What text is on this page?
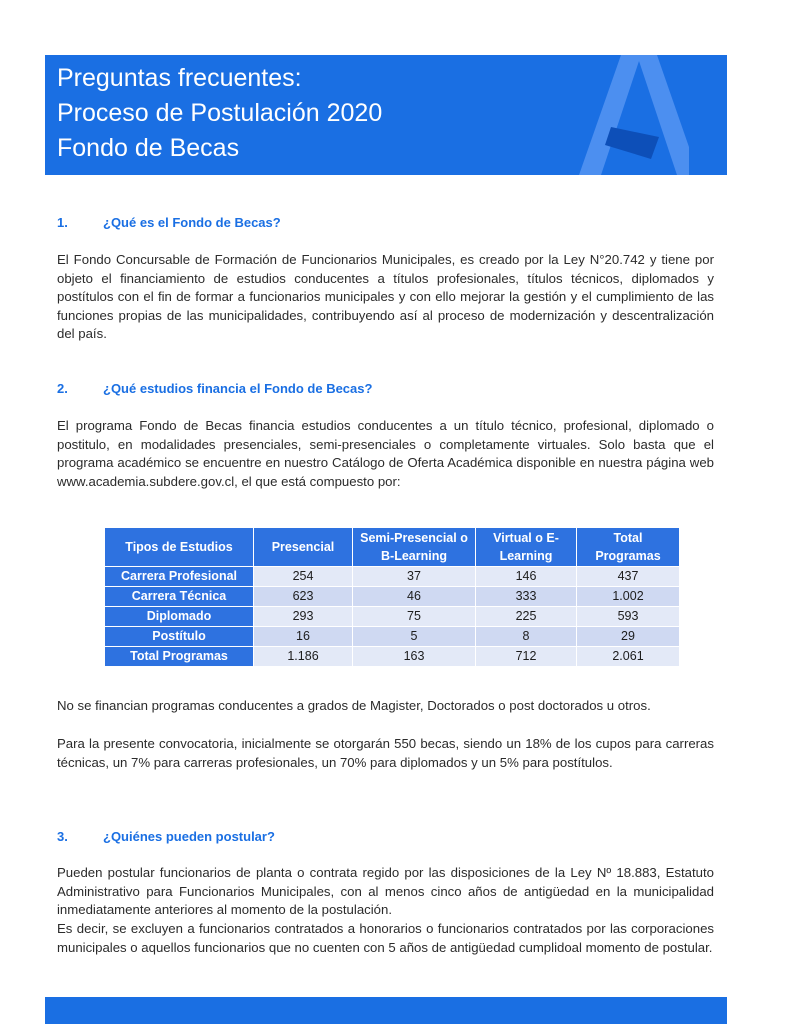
Preguntas frecuentes:
Proceso de Postulación 2020
Fondo de Becas
1.	¿Qué es el Fondo de Becas?

El Fondo Concursable de Formación de Funcionarios Municipales, es creado por la Ley N°20.742 y tiene por objeto el financiamiento de estudios conducentes a títulos profesionales, títulos técnicos, diplomados y postítulos con el fin de formar a funcionarios municipales y con ello mejorar la gestión y el cumplimiento de las funciones propias de las municipalidades, contribuyendo así al proceso de modernización y descentralización del país.

2.	¿Qué estudios financia el Fondo de Becas?

El programa Fondo de Becas financia estudios conducentes a un título técnico, profesional, diplomado o postitulo, en modalidades presenciales, semi-presenciales o completamente virtuales. Solo basta que el programa académico se encuentre en nuestro Catálogo de Oferta Académica disponible en nuestra página web www.academia.subdere.gov.cl, el que está compuesto por:

Tipos de Estudios	Presencial	Semi-Presencial o B-Learning	Virtual o E-Learning	Total Programas
Carrera Profesional	254	37	146	437
Carrera Técnica	623	46	333	1.002
Diplomado	293	75	225	593
Postítulo	16	5	8	29
Total Programas	1.186	163	712	2.061

No se financian programas conducentes a grados de Magister, Doctorados o post doctorados u otros.

Para la presente convocatoria, inicialmente se otorgarán 550 becas, siendo un 18% de los cupos para carreras técnicas, un 7% para carreras profesionales, un 70% para diplomados y un 5% para postítulos.

3.	¿Quiénes pueden postular?

Pueden postular funcionarios de planta o contrata regido por las disposiciones de la Ley Nº 18.883, Estatuto Administrativo para Funcionarios Municipales, con al menos cinco años de antigüedad en la municipalidad inmediatamente anteriores al momento de la postulación.

Es decir, se excluyen a funcionarios contratados a honorarios o funcionarios contratados por las corporaciones municipales o aquellos funcionarios que no cuenten con 5 años de antigüedad cumplidoal momento de postular.
